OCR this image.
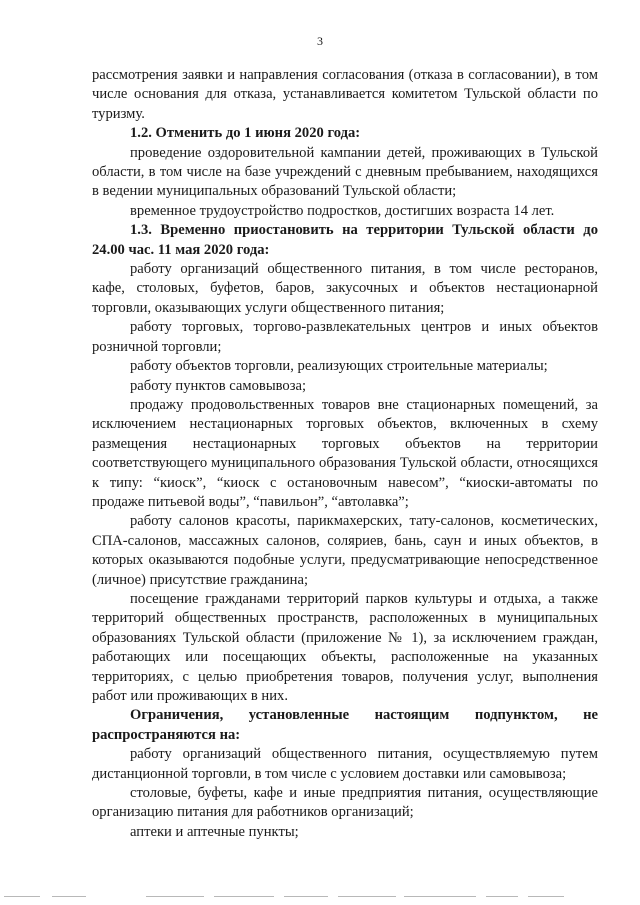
3

рассмотрения заявки и направления согласования (отказа в согласовании), в том числе основания для отказа, устанавливается комитетом Тульской области по туризму.

1.2. Отменить до 1 июня 2020 года:

проведение оздоровительной кампании детей, проживающих в Тульской области, в том числе на базе учреждений с дневным пребыванием, находящихся в ведении муниципальных образований Тульской области;

временное трудоустройство подростков, достигших возраста 14 лет.

1.3. Временно приостановить на территории Тульской области до 24.00 час. 11 мая 2020 года:

работу организаций общественного питания, в том числе ресторанов, кафе, столовых, буфетов, баров, закусочных и объектов нестационарной торговли, оказывающих услуги общественного питания;

работу торговых, торгово-развлекательных центров и иных объектов розничной торговли;

работу объектов торговли, реализующих строительные материалы;

работу пунктов самовывоза;

продажу продовольственных товаров вне стационарных помещений, за исключением нестационарных торговых объектов, включенных в схему размещения нестационарных торговых объектов на территории соответствующего муниципального образования Тульской области, относящихся к типу: “киоск”, “киоск с остановочным навесом”, “киоски-автоматы по продаже питьевой воды”, “павильон”, “автолавка”;

работу салонов красоты, парикмахерских, тату-салонов, косметических, СПА-салонов, массажных салонов, соляриев, бань, саун и иных объектов, в которых оказываются подобные услуги, предусматривающие непосредственное (личное) присутствие гражданина;

посещение гражданами территорий парков культуры и отдыха, а также территорий общественных пространств, расположенных в муниципальных образованиях Тульской области (приложение № 1), за исключением граждан, работающих или посещающих объекты, расположенные на указанных территориях, с целью приобретения товаров, получения услуг, выполнения работ или проживающих в них.

Ограничения, установленные настоящим подпунктом, не распространяются на:

работу организаций общественного питания, осуществляемую путем дистанционной торговли, в том числе с условием доставки или самовывоза;

столовые, буфеты, кафе и иные предприятия питания, осуществляющие организацию питания для работников организаций;

аптеки и аптечные пункты;
